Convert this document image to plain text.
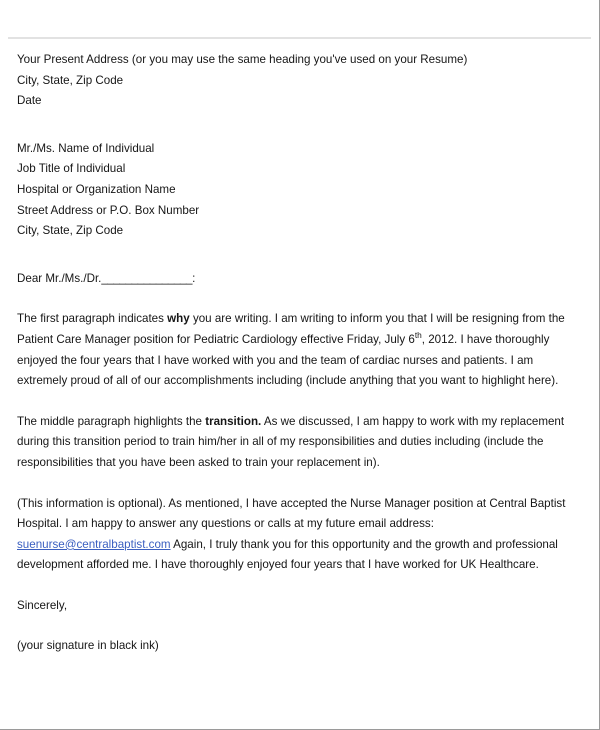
Your Present Address (or you may use the same heading you've used on your Resume)
City, State, Zip Code
Date
Mr./Ms. Name of Individual
Job Title of Individual
Hospital or Organization Name
Street Address or P.O. Box Number
City, State, Zip Code
Dear Mr./Ms./Dr._______________:

The first paragraph indicates why you are writing. I am writing to inform you that I will be resigning from the Patient Care Manager position for Pediatric Cardiology effective Friday, July 6th, 2012. I have thoroughly enjoyed the four years that I have worked with you and the team of cardiac nurses and patients. I am extremely proud of all of our accomplishments including (include anything that you want to highlight here).

The middle paragraph highlights the transition. As we discussed, I am happy to work with my replacement during this transition period to train him/her in all of my responsibilities and duties including (include the responsibilities that you have been asked to train your replacement in).

(This information is optional). As mentioned, I have accepted the Nurse Manager position at Central Baptist Hospital. I am happy to answer any questions or calls at my future email address: suenurse@centralbaptist.com Again, I truly thank you for this opportunity and the growth and professional development afforded me. I have thoroughly enjoyed four years that I have worked for UK Healthcare.

Sincerely,
(your signature in black ink)
